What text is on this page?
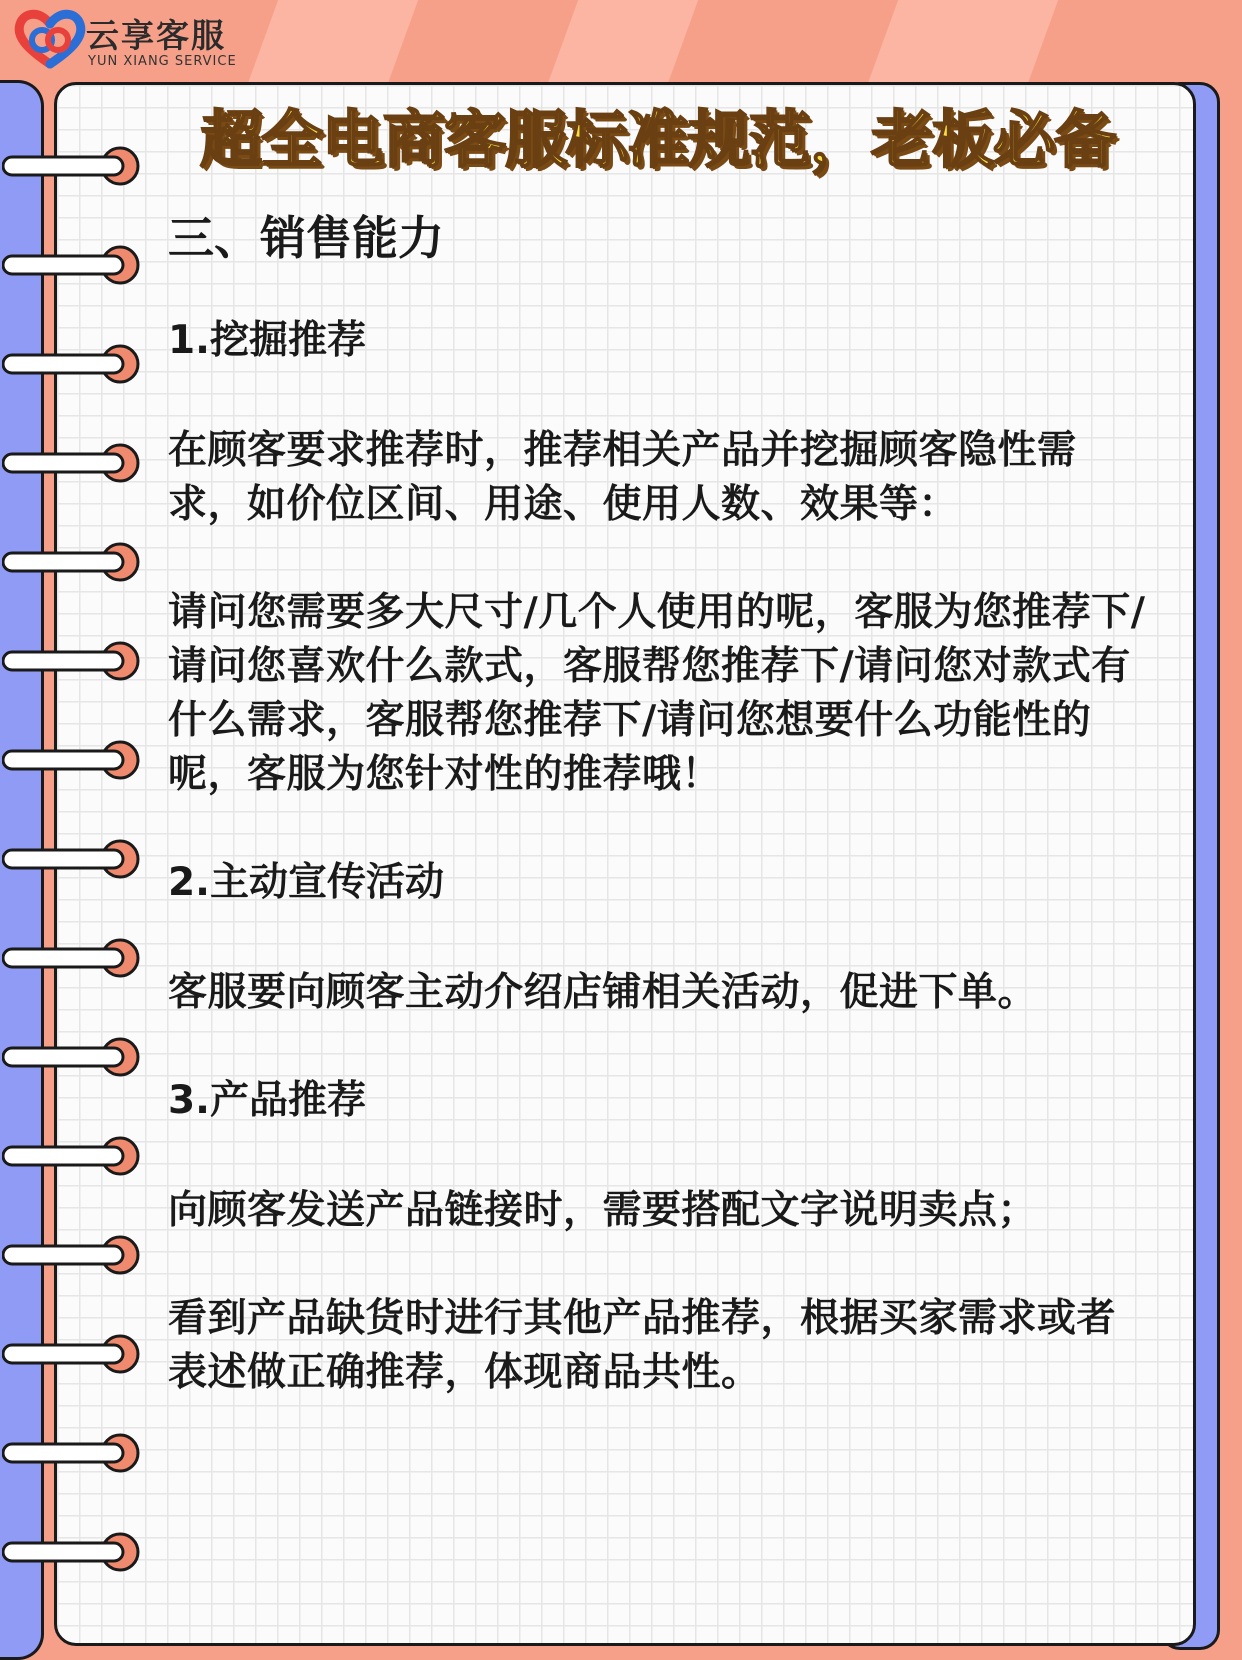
云享客服
YUN XIANG SERVICE
超全电商客服标准规范，老板必备
三、销售能力
1.挖掘推荐
在顾客要求推荐时，推荐相关产品并挖掘顾客隐性需求，如价位区间、用途、使用人数、效果等：
请问您需要多大尺寸/几个人使用的呢，客服为您推荐下/请问您喜欢什么款式，客服帮您推荐下/请问您对款式有什么需求，客服帮您推荐下/请问您想要什么功能性的呢，客服为您针对性的推荐哦！
2.主动宣传活动
客服要向顾客主动介绍店铺相关活动，促进下单。
3.产品推荐
向顾客发送产品链接时，需要搭配文字说明卖点；
看到产品缺货时进行其他产品推荐，根据买家需求或者表述做正确推荐，体现商品共性。
